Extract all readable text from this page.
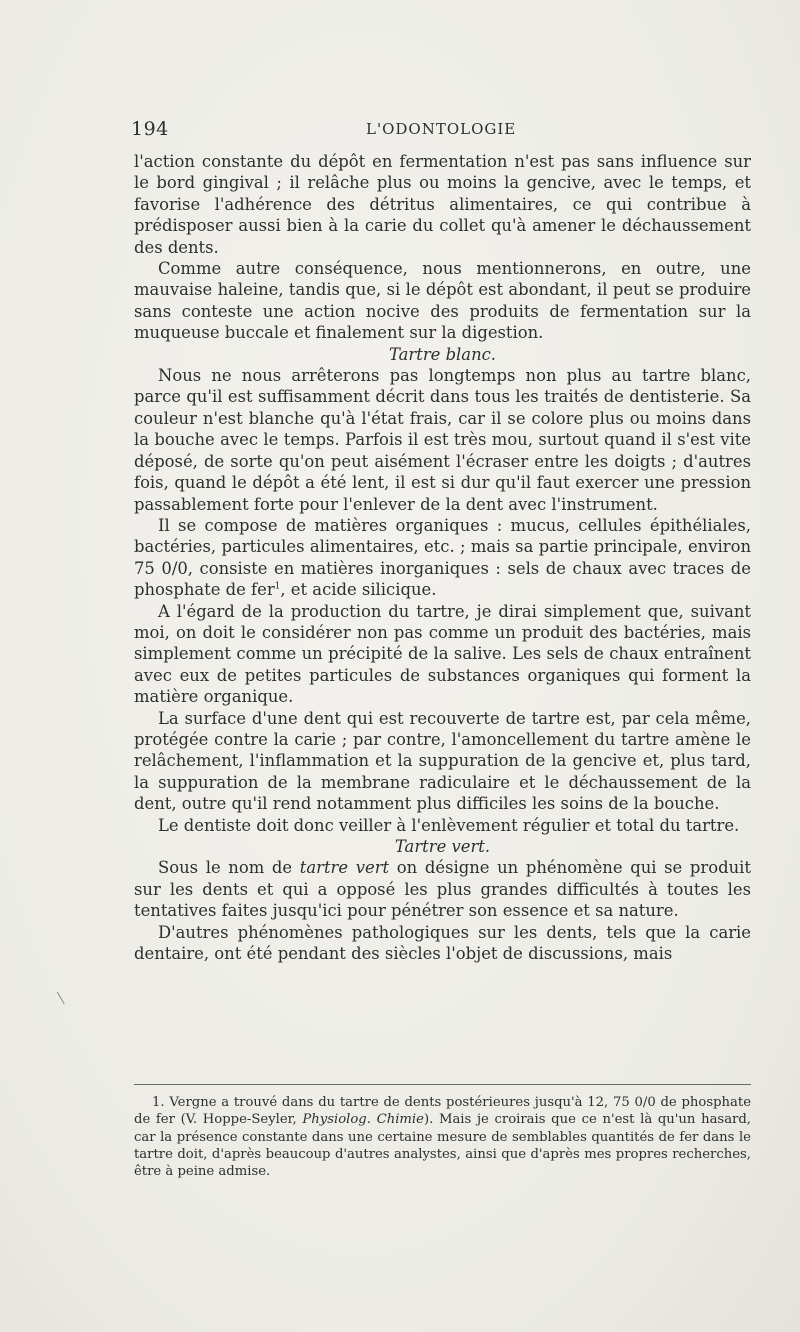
194	L'ODONTOLOGIE

l'action constante du dépôt en fermentation n'est pas sans influence sur le bord gingival ; il relâche plus ou moins la gencive, avec le temps, et favorise l'adhérence des détritus alimentaires, ce qui contribue à prédisposer aussi bien à la carie du collet qu'à amener le déchaussement des dents.

Comme autre conséquence, nous mentionnerons, en outre, une mauvaise haleine, tandis que, si le dépôt est abondant, il peut se produire sans conteste une action nocive des produits de fermentation sur la muqueuse buccale et finalement sur la digestion.

Tartre blanc.

Nous ne nous arrêterons pas longtemps non plus au tartre blanc, parce qu'il est suffisamment décrit dans tous les traités de dentisterie. Sa couleur n'est blanche qu'à l'état frais, car il se colore plus ou moins dans la bouche avec le temps. Parfois il est très mou, surtout quand il s'est vite déposé, de sorte qu'on peut aisément l'écraser entre les doigts ; d'autres fois, quand le dépôt a été lent, il est si dur qu'il faut exercer une pression passablement forte pour l'enlever de la dent avec l'instrument.

Il se compose de matières organiques : mucus, cellules épithéliales, bactéries, particules alimentaires, etc. ; mais sa partie principale, environ 75 0/0, consiste en matières inorganiques : sels de chaux avec traces de phosphate de fer$^1$, et acide silicique.

A l'égard de la production du tartre, je dirai simplement que, suivant moi, on doit le considérer non pas comme un produit des bactéries, mais simplement comme un précipité de la salive. Les sels de chaux entraînent avec eux de petites particules de substances organiques qui forment la matière organique.

La surface d'une dent qui est recouverte de tartre est, par cela même, protégée contre la carie ; par contre, l'amoncellement du tartre amène le relâchement, l'inflammation et la suppuration de la gencive et, plus tard, la suppuration de la membrane radiculaire et le déchaussement de la dent, outre qu'il rend notamment plus difficiles les soins de la bouche.

Le dentiste doit donc veiller à l'enlèvement régulier et total du tartre.

Tartre vert.

Sous le nom de tartre vert on désigne un phénomène qui se produit sur les dents et qui a opposé les plus grandes difficultés à toutes les tentatives faites jusqu'ici pour pénétrer son essence et sa nature.

D'autres phénomènes pathologiques sur les dents, tels que la carie dentaire, ont été pendant des siècles l'objet de discussions, mais

1. Vergne a trouvé dans du tartre de dents postérieures jusqu'à 12, 75 0/0 de phosphate de fer (V. Hoppe-Seyler, Physiolog. Chimie). Mais je croirais que ce n'est là qu'un hasard, car la présence constante dans une certaine mesure de semblables quantités de fer dans le tartre doit, d'après beaucoup d'autres analystes, ainsi que d'après mes propres recherches, être à peine admise.
